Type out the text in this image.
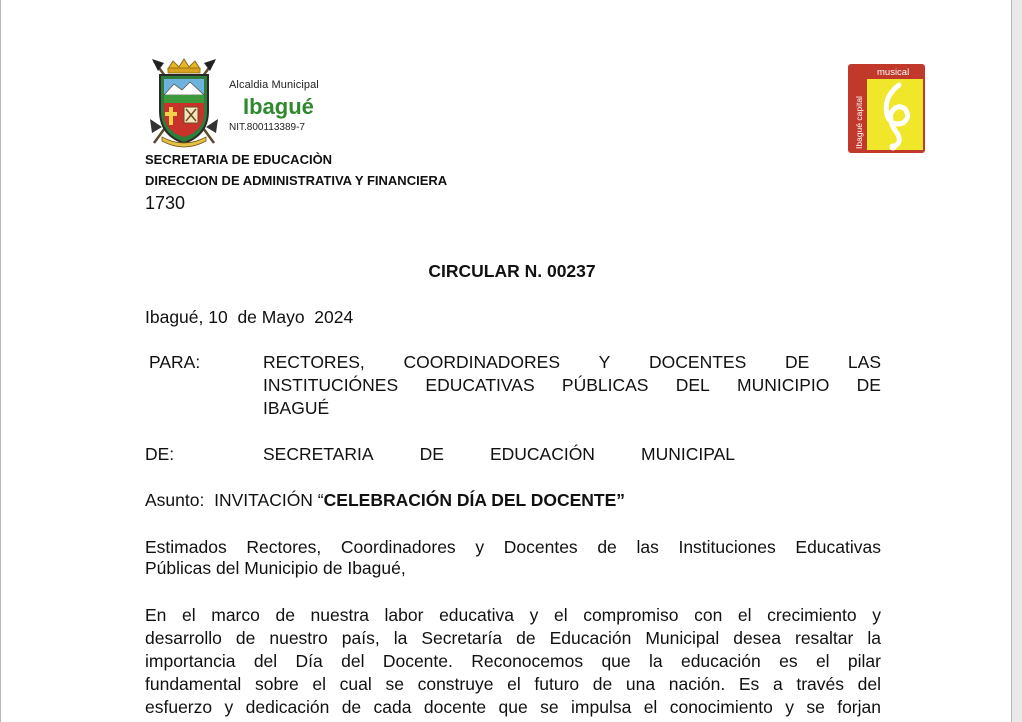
Alcaldia Municipal
Ibagué
NIT.800113389-7
musical
Ibagué capital
SECRETARIA DE EDUCACIÒN
DIRECCION DE ADMINISTRATIVA Y FINANCIERA
1730
CIRCULAR N. 00237
Ibagué, 10  de Mayo  2024
PARA:	RECTORES, COORDINADORES Y DOCENTES DE LAS
INSTITUCIÓNES EDUCATIVAS PÚBLICAS DEL MUNICIPIO DE
IBAGUÉ
DE:	SECRETARIA	DE	EDUCACIÓN	MUNICIPAL
Asunto: INVITACIÓN “CELEBRACIÓN DÍA DEL DOCENTE”
Estimados Rectores, Coordinadores y Docentes de las Instituciones Educativas
Públicas del Municipio de Ibagué,
En el marco de nuestra labor educativa y el compromiso con el crecimiento y
desarrollo de nuestro país, la Secretaría de Educación Municipal desea resaltar la
importancia del Día del Docente. Reconocemos que la educación es el pilar
fundamental sobre el cual se construye el futuro de una nación. Es a través del
esfuerzo y dedicación de cada docente que se impulsa el conocimiento y se forjan
